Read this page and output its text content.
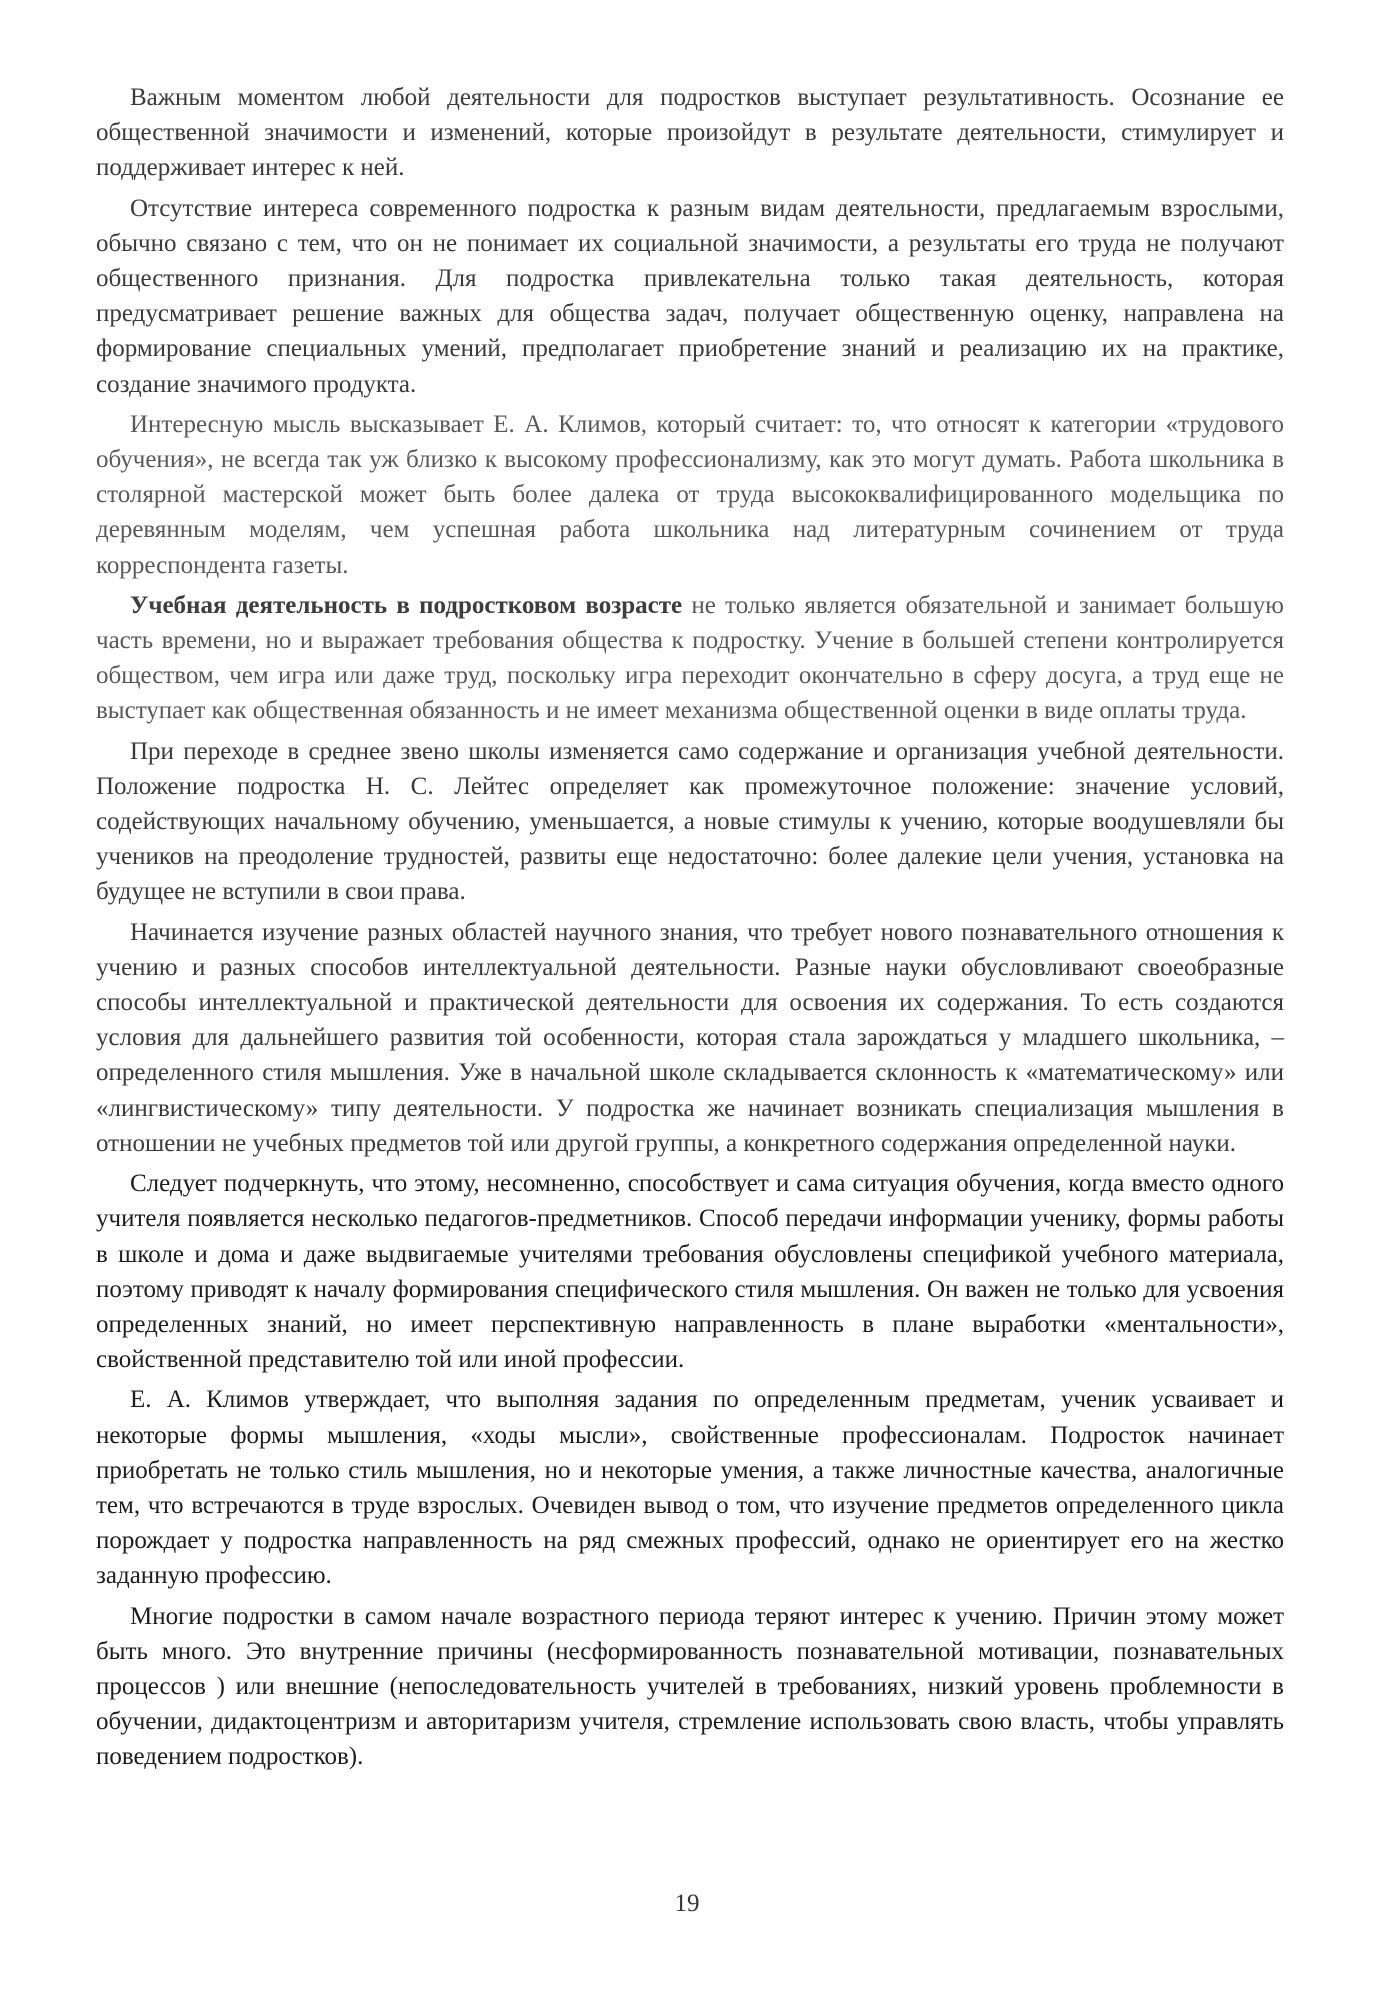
Важным моментом любой деятельности для подростков выступает результативность. Осознание ее общественной значимости и изменений, которые произойдут в результате деятельности, стимулирует и поддерживает интерес к ней.

Отсутствие интереса современного подростка к разным видам деятельности, предлагаемым взрослыми, обычно связано с тем, что он не понимает их социальной значимости, а результаты его труда не получают общественного признания. Для подростка привлекательна только такая деятельность, которая предусматривает решение важных для общества задач, получает общественную оценку, направлена на формирование специальных умений, предполагает приобретение знаний и реализацию их на практике, создание значимого продукта.

Интересную мысль высказывает Е. А. Климов, который считает: то, что относят к категории «трудового обучения», не всегда так уж близко к высокому профессионализму, как это могут думать. Работа школьника в столярной мастерской может быть более далека от труда высококвалифицированного модельщика по деревянным моделям, чем успешная работа школьника над литературным сочинением от труда корреспондента газеты.

Учебная деятельность в подростковом возрасте не только является обязательной и занимает большую часть времени, но и выражает требования общества к подростку. Учение в большей степени контролируется обществом, чем игра или даже труд, поскольку игра переходит окончательно в сферу досуга, а труд еще не выступает как общественная обязанность и не имеет механизма общественной оценки в виде оплаты труда.

При переходе в среднее звено школы изменяется само содержание и организация учебной деятельности. Положение подростка Н. С. Лейтес определяет как промежуточное положение: значение условий, содействующих начальному обучению, уменьшается, а новые стимулы к учению, которые воодушевляли бы учеников на преодоление трудностей, развиты еще недостаточно: более далекие цели учения, установка на будущее не вступили в свои права.

Начинается изучение разных областей научного знания, что требует нового познавательного отношения к учению и разных способов интеллектуальной деятельности. Разные науки обусловливают своеобразные способы интеллектуальной и практической деятельности для освоения их содержания. То есть создаются условия для дальнейшего развития той особенности, которая стала зарождаться у младшего школьника, – определенного стиля мышления. Уже в начальной школе складывается склонность к «математическому» или «лингвистическому» типу деятельности. У подростка же начинает возникать специализация мышления в отношении не учебных предметов той или другой группы, а конкретного содержания определенной науки.

Следует подчеркнуть, что этому, несомненно, способствует и сама ситуация обучения, когда вместо одного учителя появляется несколько педагогов-предметников. Способ передачи информации ученику, формы работы в школе и дома и даже выдвигаемые учителями требования обусловлены спецификой учебного материала, поэтому приводят к началу формирования специфического стиля мышления. Он важен не только для усвоения определенных знаний, но имеет перспективную направленность в плане выработки «ментальности», свойственной представителю той или иной профессии.

Е. А. Климов утверждает, что выполняя задания по определенным предметам, ученик усваивает и некоторые формы мышления, «ходы мысли», свойственные профессионалам. Подросток начинает приобретать не только стиль мышления, но и некоторые умения, а также личностные качества, аналогичные тем, что встречаются в труде взрослых. Очевиден вывод о том, что изучение предметов определенного цикла порождает у подростка направленность на ряд смежных профессий, однако не ориентирует его на жестко заданную профессию.

Многие подростки в самом начале возрастного периода теряют интерес к учению. Причин этому может быть много. Это внутренние причины (несформированность познавательной мотивации, познавательных процессов ) или внешние (непоследовательность учителей в требованиях, низкий уровень проблемности в обучении, дидактоцентризм и авторитаризм учителя, стремление использовать свою власть, чтобы управлять поведением подростков).

19
